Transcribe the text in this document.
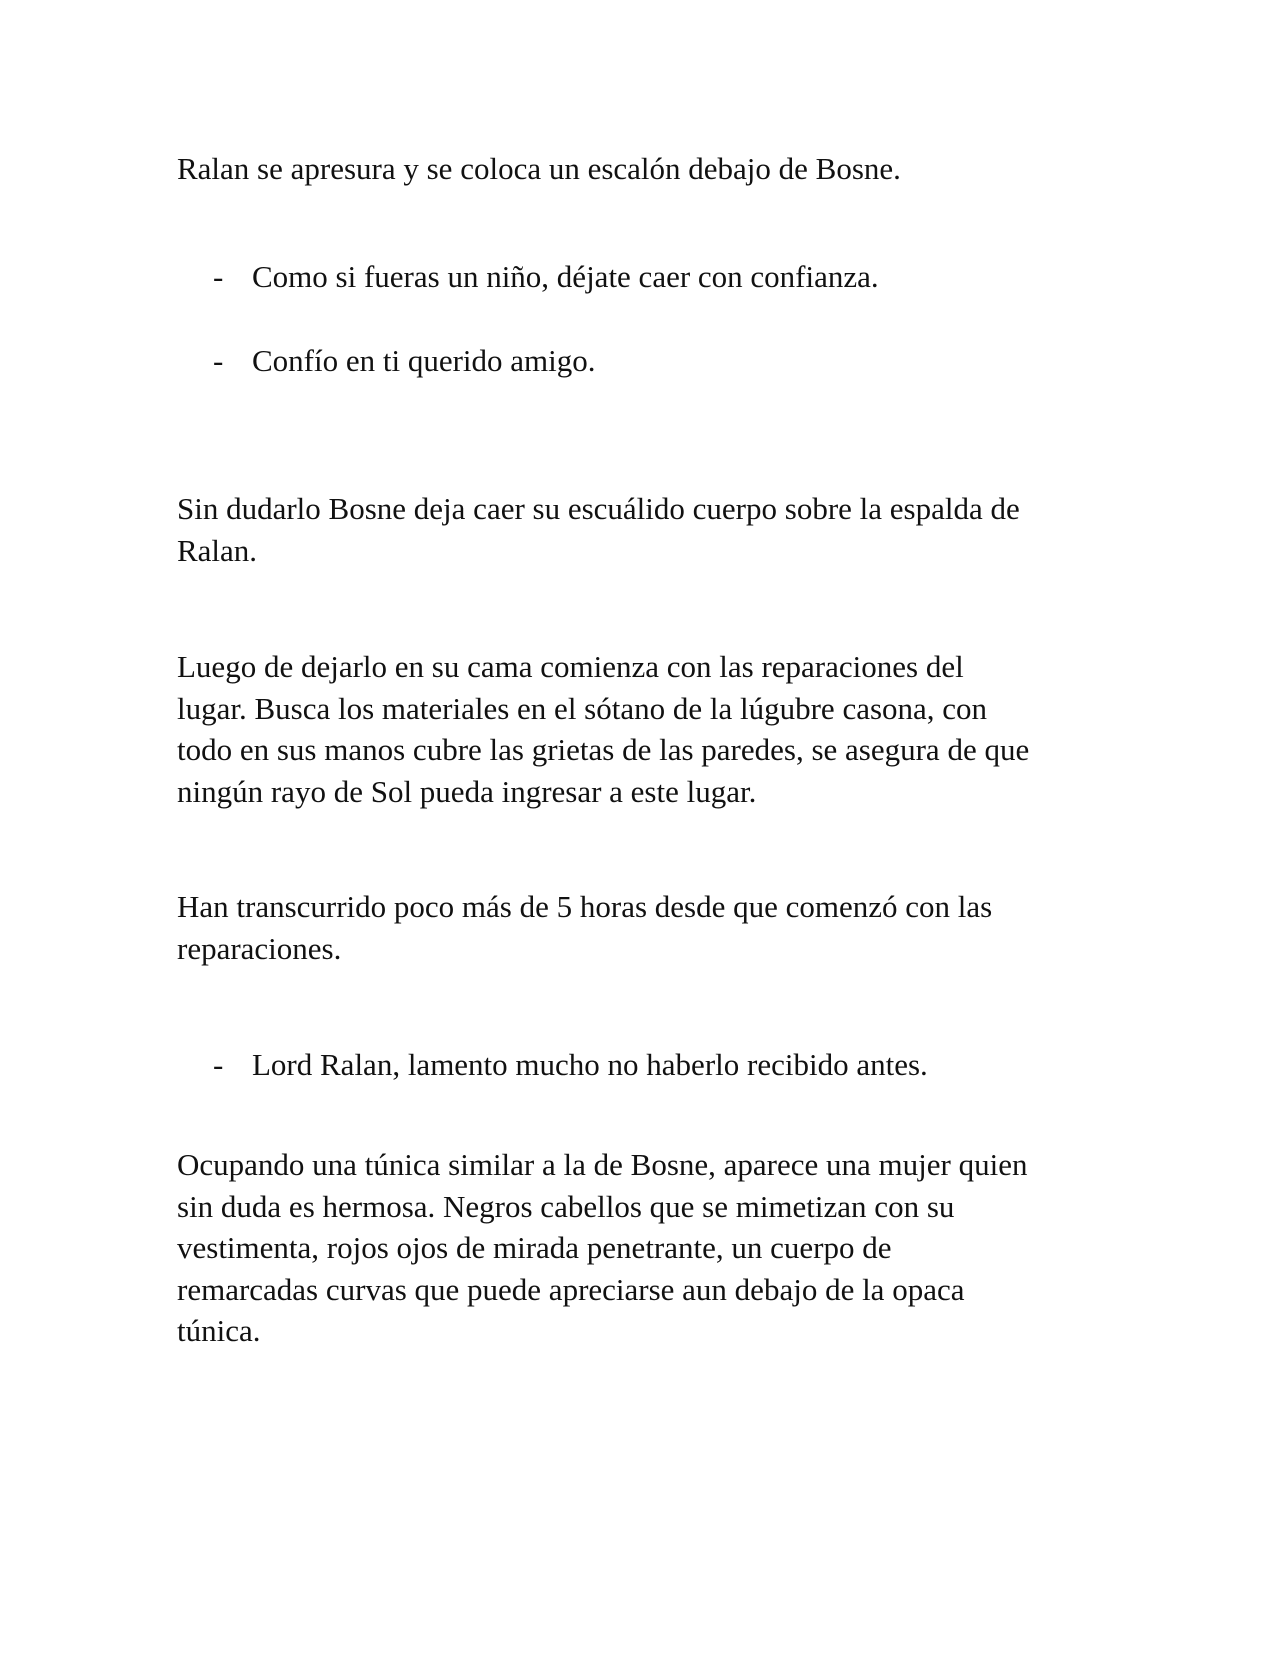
Ralan se apresura y se coloca un escalón debajo de Bosne.

- Como si fueras un niño, déjate caer con confianza.

- Confío en ti querido amigo.

Sin dudarlo Bosne deja caer su escuálido cuerpo sobre la espalda de
Ralan.

Luego de dejarlo en su cama comienza con las reparaciones del
lugar. Busca los materiales en el sótano de la lúgubre casona, con
todo en sus manos cubre las grietas de las paredes, se asegura de que
ningún rayo de Sol pueda ingresar a este lugar.

Han transcurrido poco más de 5 horas desde que comenzó con las
reparaciones.

- Lord Ralan, lamento mucho no haberlo recibido antes.

Ocupando una túnica similar a la de Bosne, aparece una mujer quien
sin duda es hermosa. Negros cabellos que se mimetizan con su
vestimenta, rojos ojos de mirada penetrante, un cuerpo de
remarcadas curvas que puede apreciarse aun debajo de la opaca
túnica.
